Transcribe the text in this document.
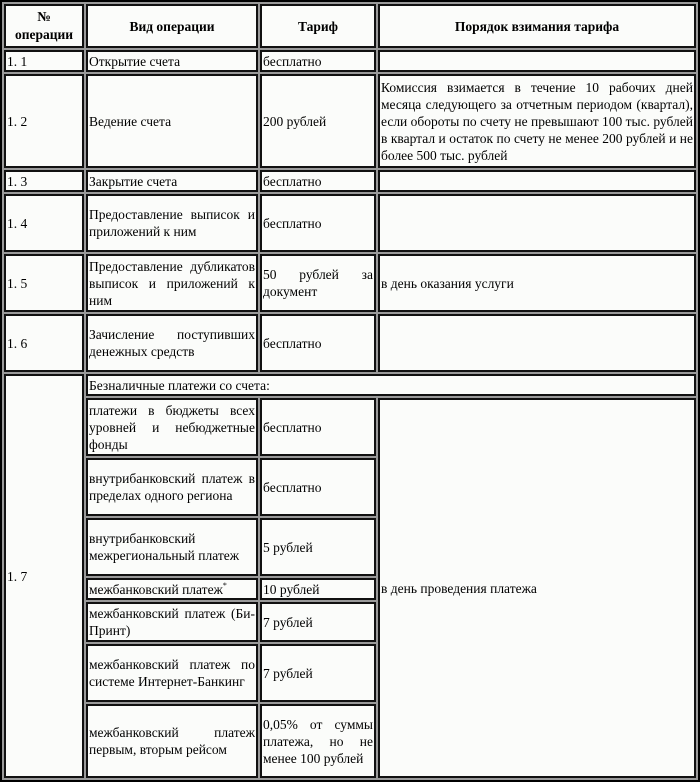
№ операции	Вид операции	Тариф	Порядок взимания тарифа
1. 1	Открытие счета	бесплатно	
1. 2	Ведение счета	200 рублей	Комиссия взимается в течение 10 рабочих дней месяца следующего за отчетным периодом (квартал), если обороты по счету не превышают 100 тыс. рублей в квартал и остаток по счету не менее 200 рублей и не более 500 тыс. рублей
1. 3	Закрытие счета	бесплатно	
1. 4	Предоставление выписок и приложений к ним	бесплатно	
1. 5	Предоставление дубликатов выписок и приложений к ним	50 рублей за документ	в день оказания услуги
1. 6	Зачисление поступивших денежных средств	бесплатно	
1. 7	Безналичные платежи со счета:		
	платежи в бюджеты всех уровней и небюджетные фонды	бесплатно	в день проведения платежа
	внутрибанковский платеж в пределах одного региона	бесплатно	
	внутрибанковский межрегиональный платеж	5 рублей	
	межбанковский платеж*	10 рублей	
	межбанковский платеж (Би-Принт)	7 рублей	
	межбанковский платеж по системе Интернет-Банкинг	7 рублей	
	межбанковский платеж первым, вторым рейсом	0,05% от суммы платежа, но не менее 100 рублей	
